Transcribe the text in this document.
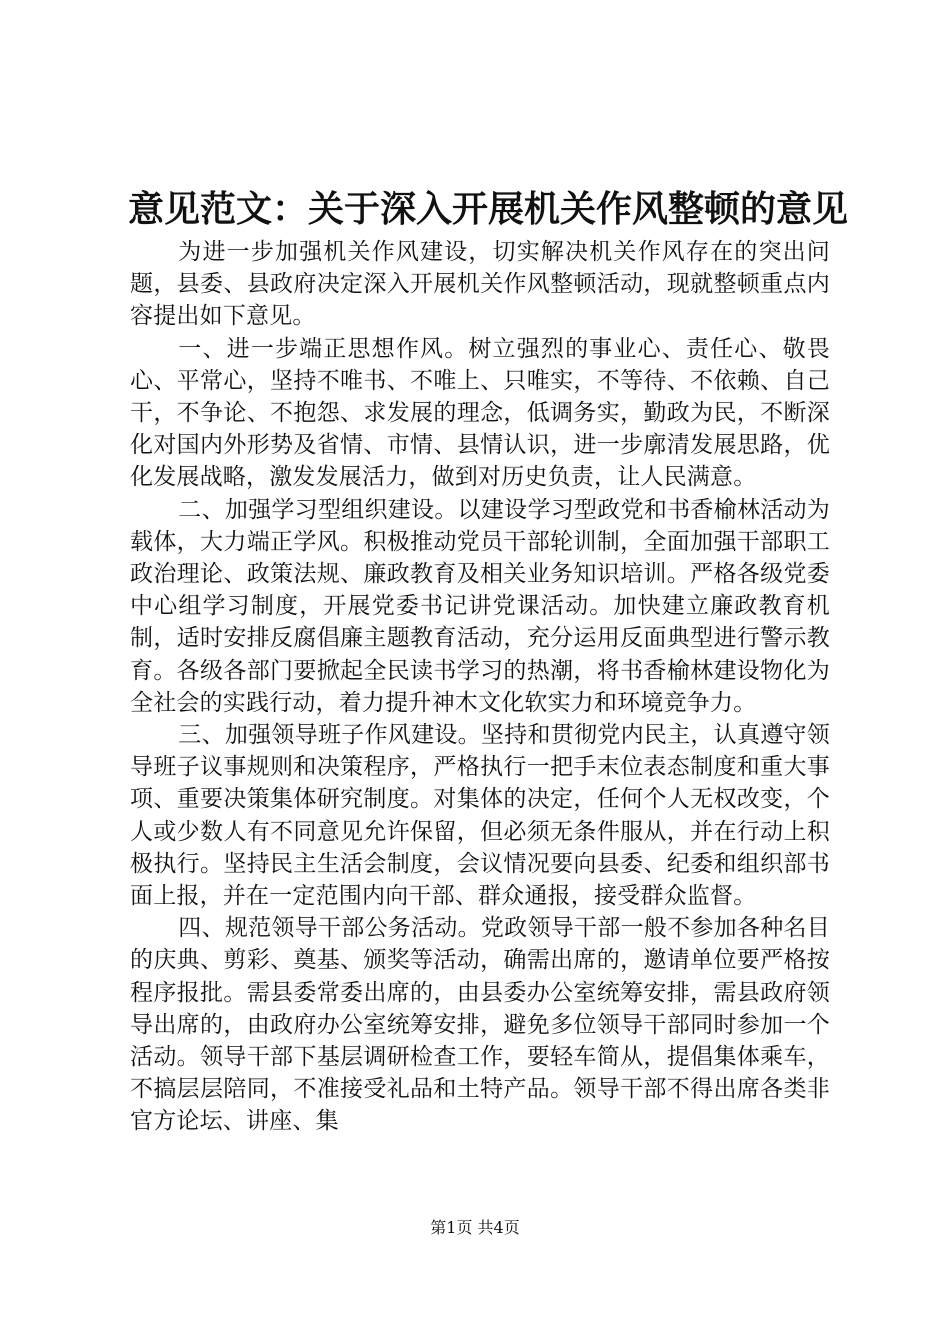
意见范文：关于深入开展机关作风整顿的意见

为进一步加强机关作风建设，切实解决机关作风存在的突出问题，县委、县政府决定深入开展机关作风整顿活动，现就整顿重点内容提出如下意见。

一、进一步端正思想作风。树立强烈的事业心、责任心、敬畏心、平常心，坚持不唯书、不唯上、只唯实，不等待、不依赖、自己干，不争论、不抱怨、求发展的理念，低调务实，勤政为民，不断深化对国内外形势及省情、市情、县情认识，进一步廓清发展思路，优化发展战略，激发发展活力，做到对历史负责，让人民满意。

二、加强学习型组织建设。以建设学习型政党和书香榆林活动为载体，大力端正学风。积极推动党员干部轮训制，全面加强干部职工政治理论、政策法规、廉政教育及相关业务知识培训。严格各级党委中心组学习制度，开展党委书记讲党课活动。加快建立廉政教育机制，适时安排反腐倡廉主题教育活动，充分运用反面典型进行警示教育。各级各部门要掀起全民读书学习的热潮，将书香榆林建设物化为全社会的实践行动，着力提升神木文化软实力和环境竞争力。

三、加强领导班子作风建设。坚持和贯彻党内民主，认真遵守领导班子议事规则和决策程序，严格执行一把手末位表态制度和重大事项、重要决策集体研究制度。对集体的决定，任何个人无权改变，个人或少数人有不同意见允许保留，但必须无条件服从，并在行动上积极执行。坚持民主生活会制度，会议情况要向县委、纪委和组织部书面上报，并在一定范围内向干部、群众通报，接受群众监督。

四、规范领导干部公务活动。党政领导干部一般不参加各种名目的庆典、剪彩、奠基、颁奖等活动，确需出席的，邀请单位要严格按程序报批。需县委常委出席的，由县委办公室统筹安排，需县政府领导出席的，由政府办公室统筹安排，避免多位领导干部同时参加一个活动。领导干部下基层调研检查工作，要轻车简从，提倡集体乘车，不搞层层陪同，不准接受礼品和土特产品。领导干部不得出席各类非官方论坛、讲座、集

第1页 共4页
